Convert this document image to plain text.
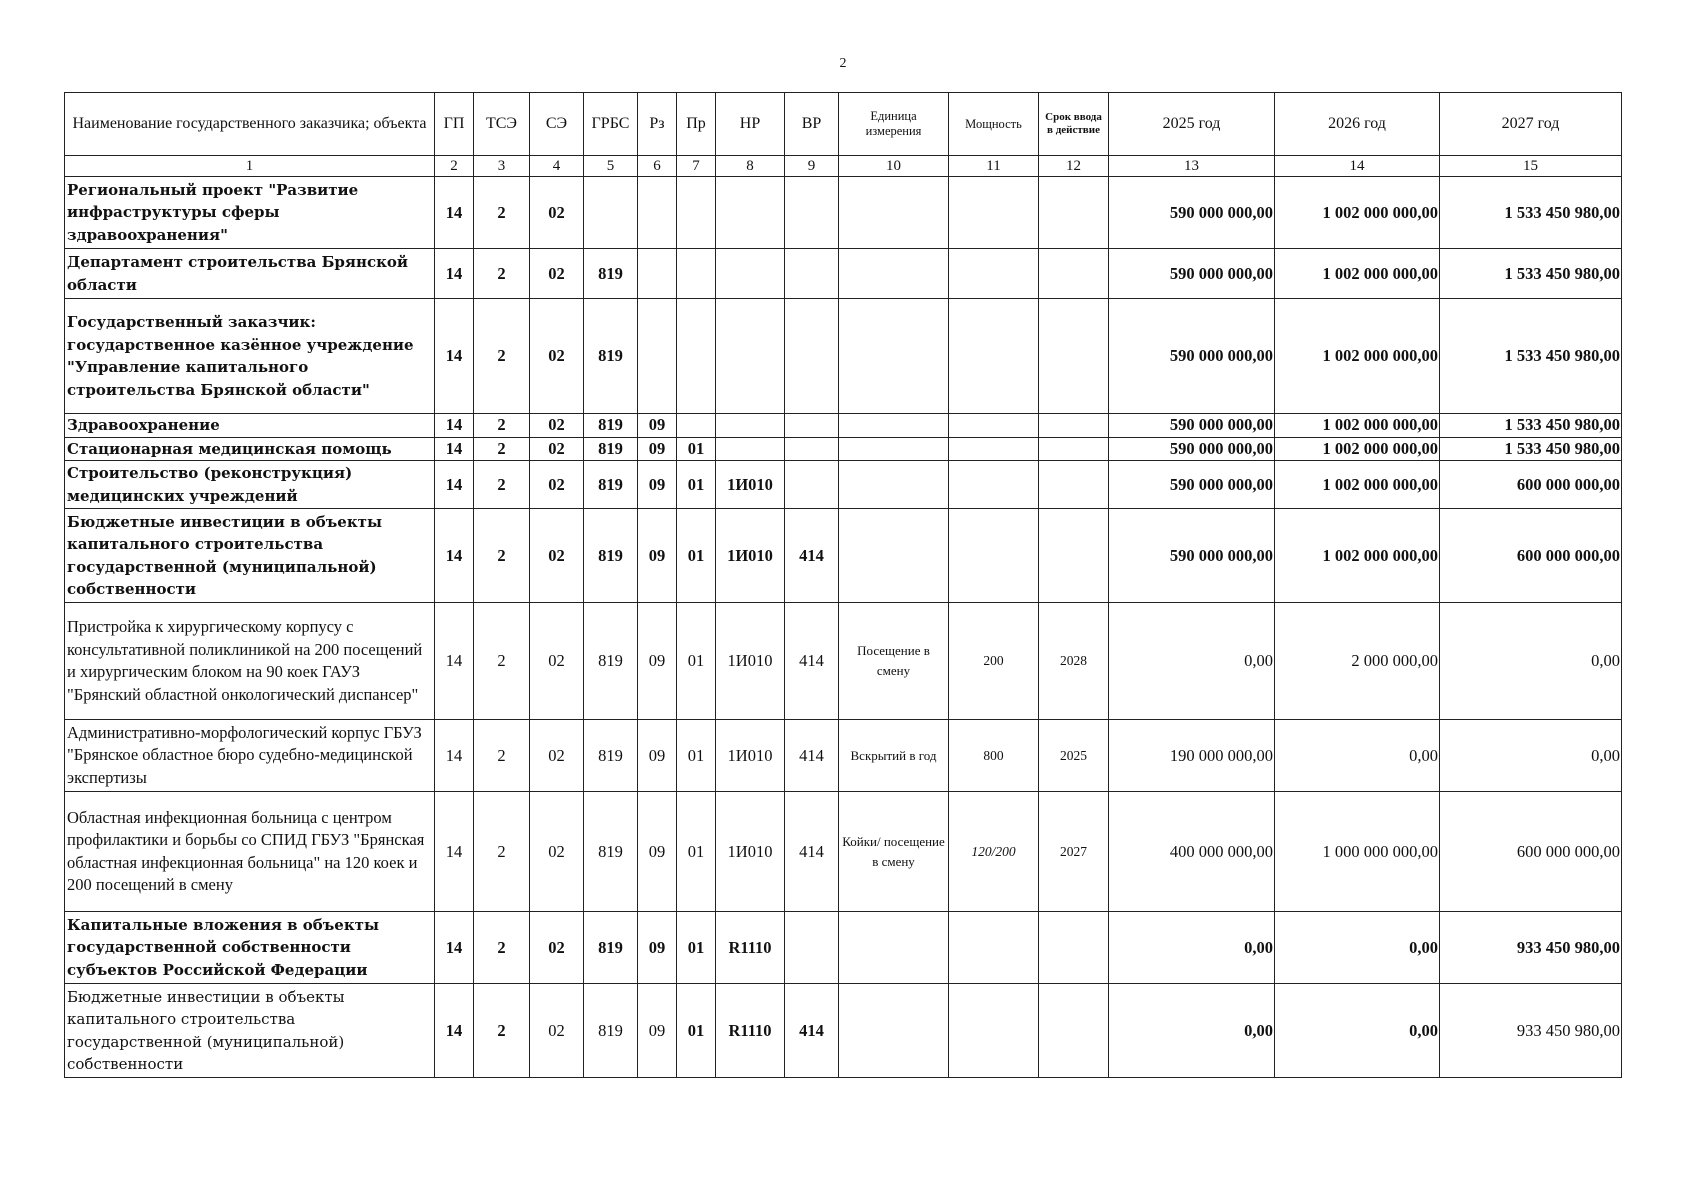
2
Наименование государственного заказчика; объекта	ГП	ТСЭ	СЭ	ГРБС	Рз	Пр	НР	ВР	Единица измерения	Мощность	Срок ввода в действие	2025 год	2026 год	2027 год
1	2	3	4	5	6	7	8	9	10	11	12	13	14	15
Региональный проект "Развитие инфраструктуры сферы здравоохранения"	14	2	02									590 000 000,00	1 002 000 000,00	1 533 450 980,00
Департамент строительства Брянской области	14	2	02	819								590 000 000,00	1 002 000 000,00	1 533 450 980,00
Государственный заказчик: государственное казённое учреждение "Управление капитального строительства Брянской области"	14	2	02	819								590 000 000,00	1 002 000 000,00	1 533 450 980,00
Здравоохранение	14	2	02	819	09							590 000 000,00	1 002 000 000,00	1 533 450 980,00
Стационарная медицинская помощь	14	2	02	819	09	01						590 000 000,00	1 002 000 000,00	1 533 450 980,00
Строительство (реконструкция) медицинских учреждений	14	2	02	819	09	01	1И010					590 000 000,00	1 002 000 000,00	600 000 000,00
Бюджетные инвестиции в объекты капитального строительства государственной (муниципальной) собственности	14	2	02	819	09	01	1И010	414				590 000 000,00	1 002 000 000,00	600 000 000,00
Пристройка к хирургическому корпусу с консультативной поликлиникой на 200 посещений и хирургическим блоком на 90 коек ГАУЗ "Брянский областной онкологический диспансер"	14	2	02	819	09	01	1И010	414	Посещение в смену	200	2028	0,00	2 000 000,00	0,00
Административно-морфологический корпус ГБУЗ "Брянское областное бюро судебно-медицинской экспертизы	14	2	02	819	09	01	1И010	414	Вскрытий в год	800	2025	190 000 000,00	0,00	0,00
Областная инфекционная больница с центром профилактики и борьбы со СПИД ГБУЗ "Брянская областная инфекционная больница" на 120 коек и 200 посещений в смену	14	2	02	819	09	01	1И010	414	Койки/ посещение в смену	120/200	2027	400 000 000,00	1 000 000 000,00	600 000 000,00
Капитальные вложения в объекты государственной собственности субъектов Российской Федерации	14	2	02	819	09	01	R1110					0,00	0,00	933 450 980,00
Бюджетные инвестиции в объекты капитального строительства государственной (муниципальной) собственности	14	2	02	819	09	01	R1110	414				0,00	0,00	933 450 980,00
